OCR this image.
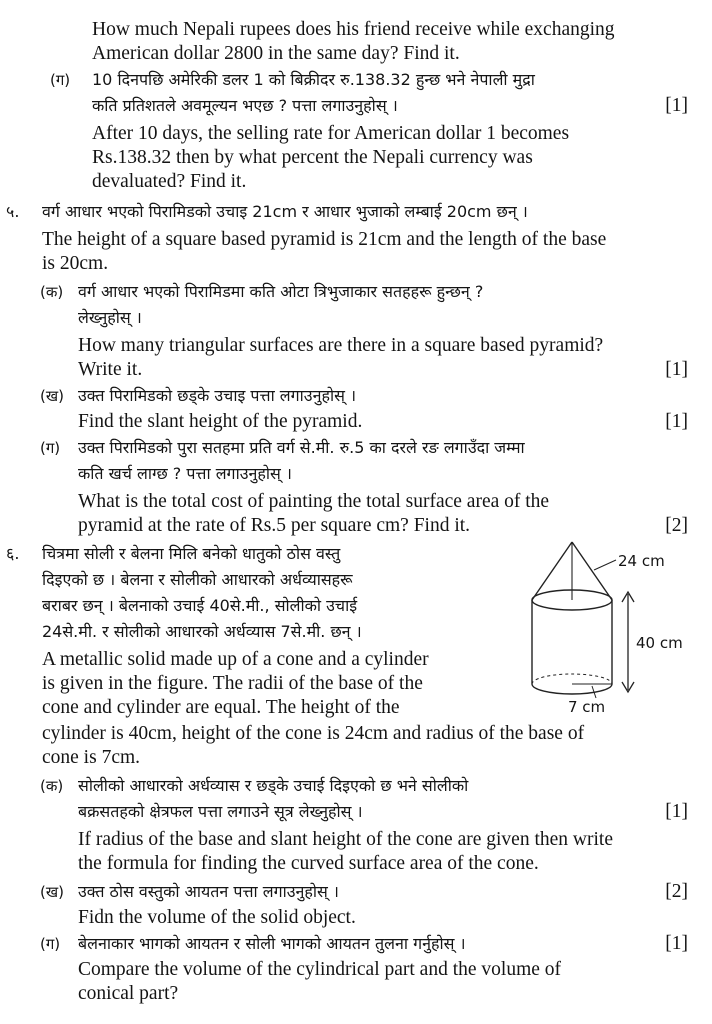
How much Nepali rupees does his friend receive while exchanging
American dollar 2800 in the same day? Find it.
(ग) 10 दिनपछि अमेरिकी डलर 1 को बिक्रीदर रु.138.32 हुन्छ भने नेपाली मुद्रा
कति प्रतिशतले अवमूल्यन भएछ ? पत्ता लगाउनुहोस् ।	[1]
After 10 days, the selling rate for American dollar 1 becomes
Rs.138.32 then by what percent the Nepali currency was
devaluated? Find it.
५. वर्ग आधार भएको पिरामिडको उचाइ 21cm र आधार भुजाको लम्बाई 20cm छन् ।
The height of a square based pyramid is 21cm and the length of the base
is 20cm.
(क) वर्ग आधार भएको पिरामिडमा कति ओटा त्रिभुजाकार सतहहरू हुन्छन् ?
लेख्नुहोस् ।
How many triangular surfaces are there in a square based pyramid?
Write it.	[1]
(ख) उक्त पिरामिडको छड्के उचाइ पत्ता लगाउनुहोस् ।
Find the slant height of the pyramid.	[1]
(ग) उक्त पिरामिडको पुरा सतहमा प्रति वर्ग से.मी. रु.5 का दरले रङ लगाउँदा जम्मा
कति खर्च लाग्छ ? पत्ता लगाउनुहोस् ।
What is the total cost of painting the total surface area of the
pyramid at the rate of Rs.5 per square cm? Find it.	[2]
६. चित्रमा सोली र बेलना मिलि बनेको धातुको ठोस वस्तु
दिइएको छ । बेलना र सोलीको आधारको अर्धव्यासहरू
बराबर छन् । बेलनाको उचाई 40से.मी., सोलीको उचाई
24से.मी. र सोलीको आधारको अर्धव्यास 7से.मी. छन् ।
A metallic solid made up of a cone and a cylinder
is given in the figure. The radii of the base of the
cone and cylinder are equal. The height of the
cylinder is 40cm, height of the cone is 24cm and radius of the base of
cone is 7cm.
24 cm
40 cm
7 cm
(क) सोलीको आधारको अर्धव्यास र छड्के उचाई दिइएको छ भने सोलीको
बक्रसतहको क्षेत्रफल पत्ता लगाउने सूत्र लेख्नुहोस् ।	[1]
If radius of the base and slant height of the cone are given then write
the formula for finding the curved surface area of the cone.
(ख) उक्त ठोस वस्तुको आयतन पत्ता लगाउनुहोस् ।	[2]
Fidn the volume of the solid object.
(ग) बेलनाकार भागको आयतन र सोली भागको आयतन तुलना गर्नुहोस् ।	[1]
Compare the volume of the cylindrical part and the volume of
conical part?
